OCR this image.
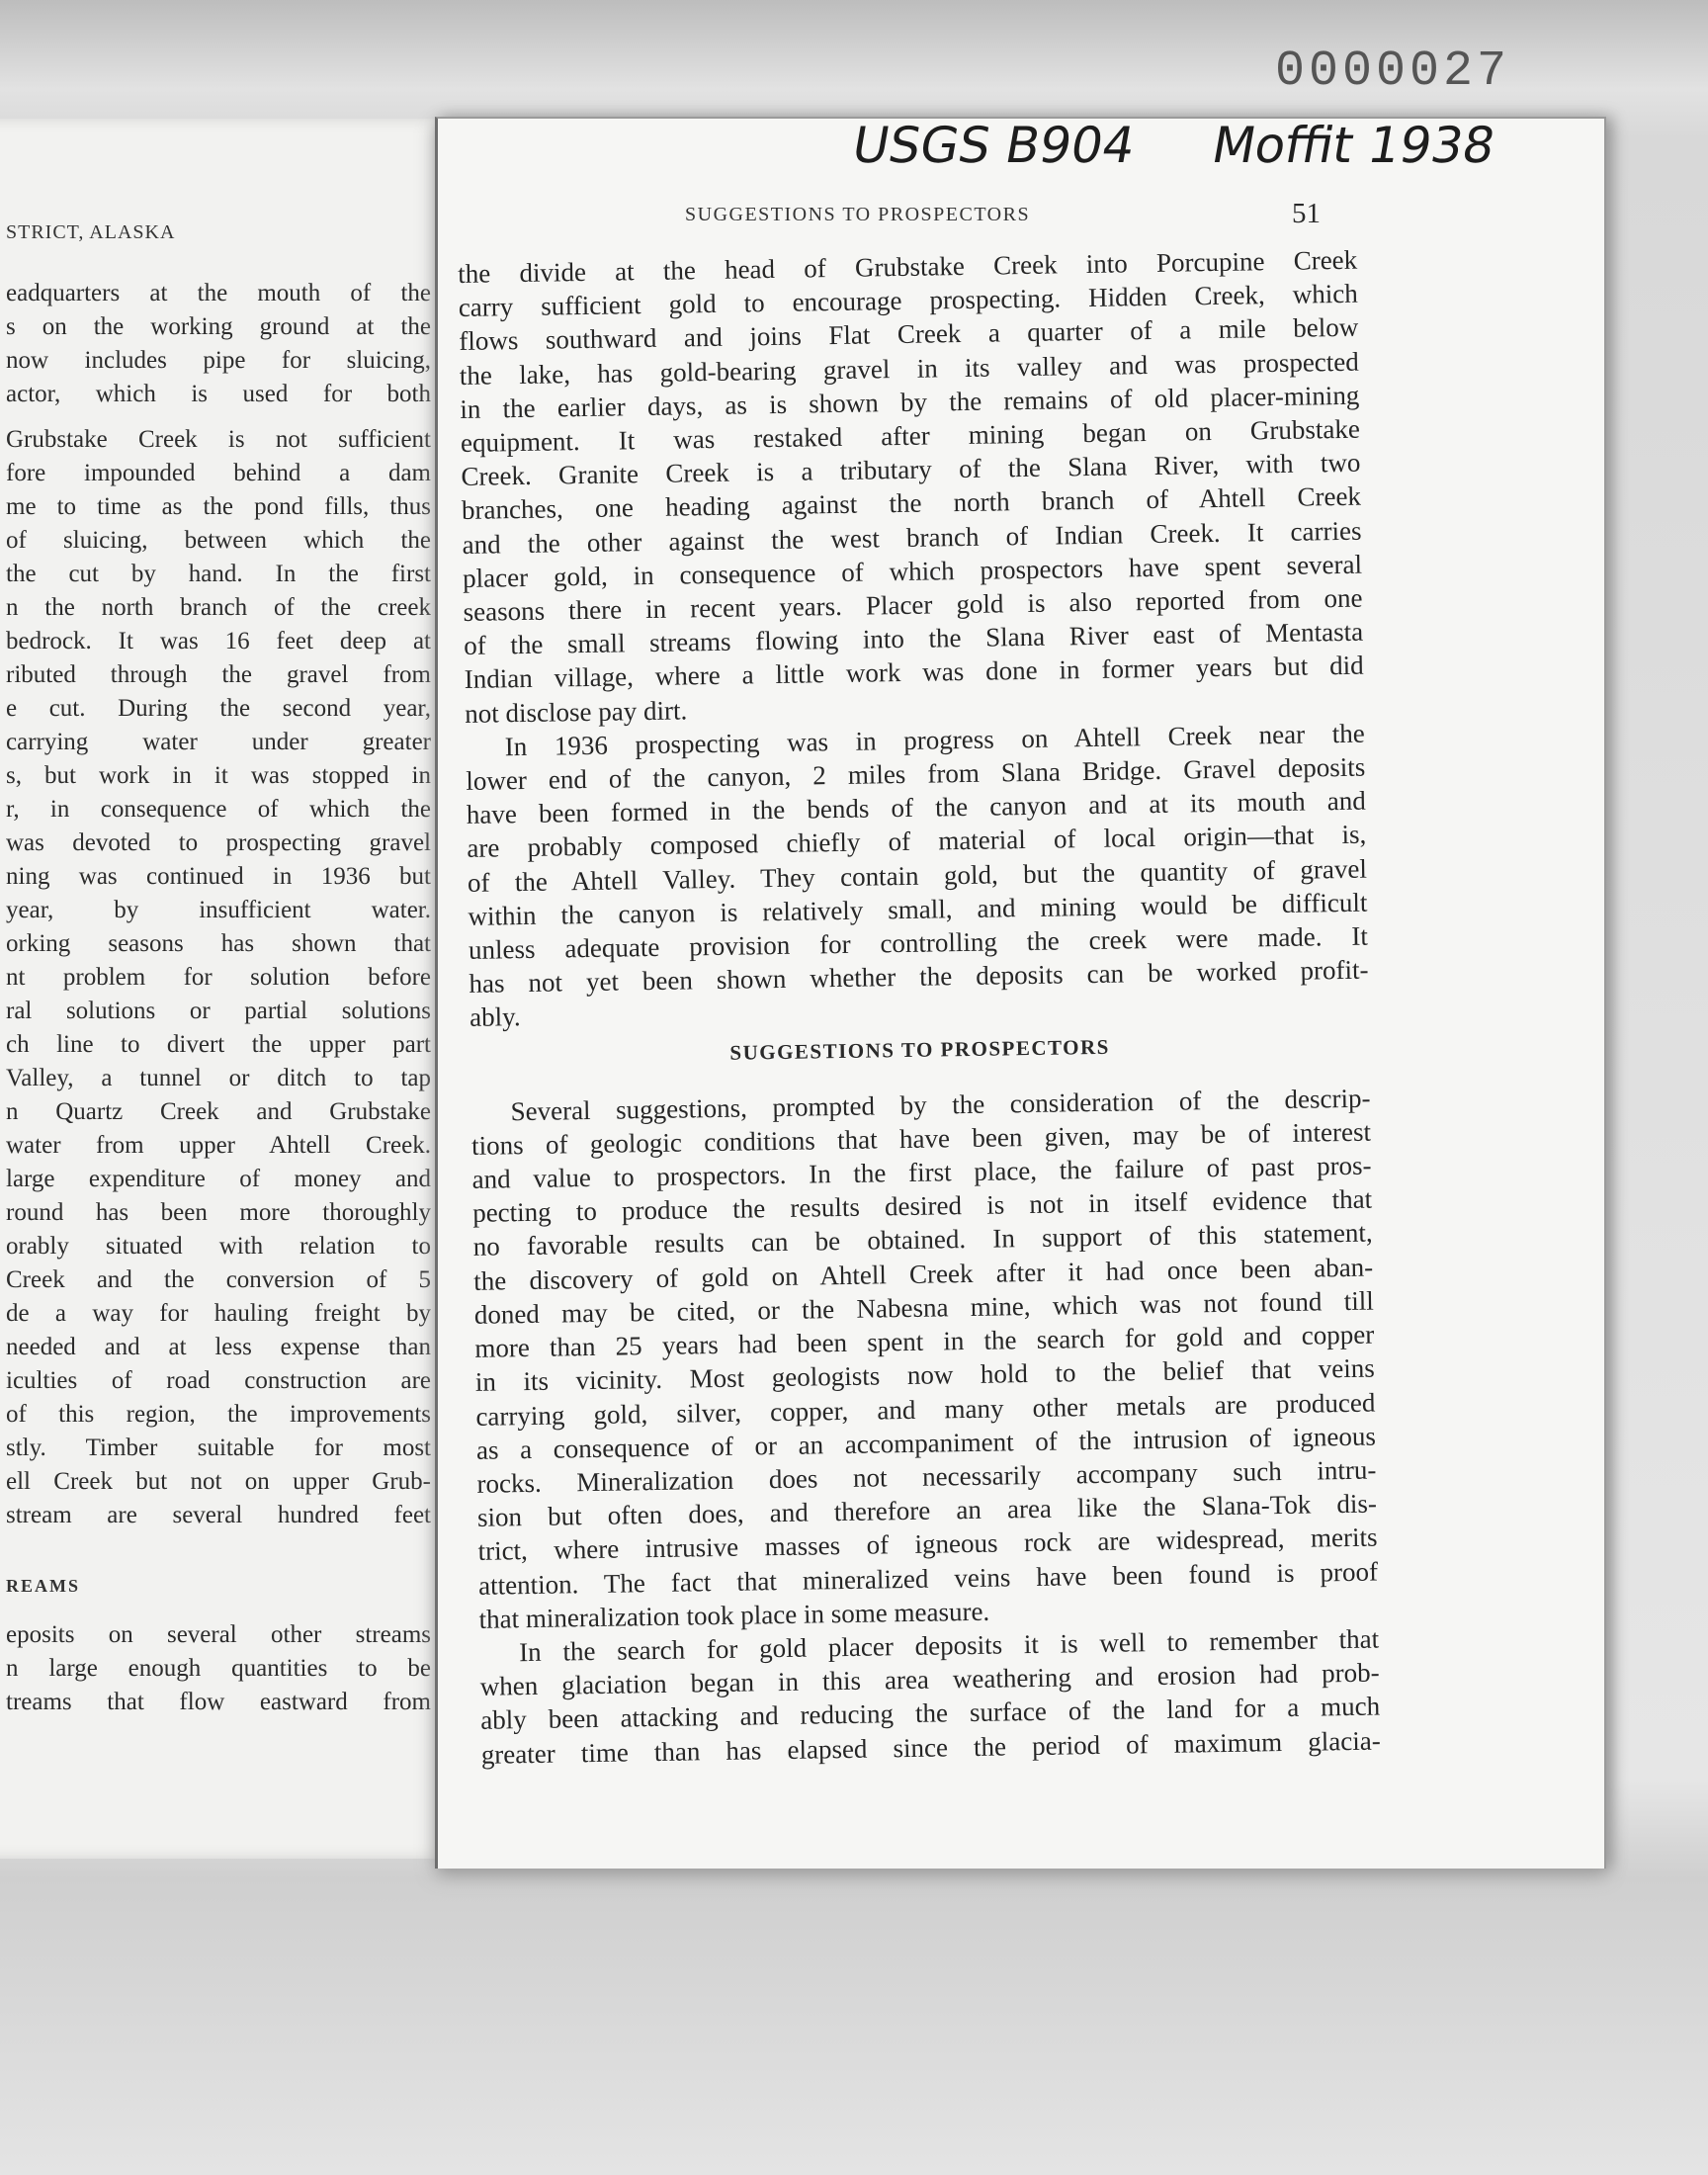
0000027
STRICT, ALASKA
eadquarters at the mouth of the
s on the working ground at the
now includes pipe for sluicing,
actor, which is used for both
Grubstake Creek is not sufficient
fore impounded behind a dam
me to time as the pond fills, thus
of sluicing, between which the
the cut by hand. In the first
n the north branch of the creek
bedrock. It was 16 feet deep at
ributed through the gravel from
e cut. During the second year,
carrying water under greater
s, but work in it was stopped in
r, in consequence of which the
was devoted to prospecting gravel
ning was continued in 1936 but
year, by insufficient water.
orking seasons has shown that
nt problem for solution before
ral solutions or partial solutions
ch line to divert the upper part
Valley, a tunnel or ditch to tap
n Quartz Creek and Grubstake
water from upper Ahtell Creek.
large expenditure of money and
round has been more thoroughly
orably situated with relation to
Creek and the conversion of 5
de a way for hauling freight by
needed and at less expense than
iculties of road construction are
of this region, the improvements
stly. Timber suitable for most
ell Creek but not on upper Grub-
stream are several hundred feet
REAMS
eposits on several other streams
n large enough quantities to be
treams that flow eastward from
USGS B904 Moffit 1938
SUGGESTIONS TO PROSPECTORS	51
the divide at the head of Grubstake Creek into Porcupine Creek
carry sufficient gold to encourage prospecting. Hidden Creek, which
flows southward and joins Flat Creek a quarter of a mile below
the lake, has gold-bearing gravel in its valley and was prospected
in the earlier days, as is shown by the remains of old placer-mining
equipment. It was restaked after mining began on Grubstake
Creek. Granite Creek is a tributary of the Slana River, with two
branches, one heading against the north branch of Ahtell Creek
and the other against the west branch of Indian Creek. It carries
placer gold, in consequence of which prospectors have spent several
seasons there in recent years. Placer gold is also reported from one
of the small streams flowing into the Slana River east of Mentasta
Indian village, where a little work was done in former years but did
not disclose pay dirt.
In 1936 prospecting was in progress on Ahtell Creek near the
lower end of the canyon, 2 miles from Slana Bridge. Gravel deposits
have been formed in the bends of the canyon and at its mouth and
are probably composed chiefly of material of local origin—that is,
of the Ahtell Valley. They contain gold, but the quantity of gravel
within the canyon is relatively small, and mining would be difficult
unless adequate provision for controlling the creek were made. It
has not yet been shown whether the deposits can be worked profit-
ably.
SUGGESTIONS TO PROSPECTORS
Several suggestions, prompted by the consideration of the descrip-
tions of geologic conditions that have been given, may be of interest
and value to prospectors. In the first place, the failure of past pros-
pecting to produce the results desired is not in itself evidence that
no favorable results can be obtained. In support of this statement,
the discovery of gold on Ahtell Creek after it had once been aban-
doned may be cited, or the Nabesna mine, which was not found till
more than 25 years had been spent in the search for gold and copper
in its vicinity. Most geologists now hold to the belief that veins
carrying gold, silver, copper, and many other metals are produced
as a consequence of or an accompaniment of the intrusion of igneous
rocks. Mineralization does not necessarily accompany such intru-
sion but often does, and therefore an area like the Slana-Tok dis-
trict, where intrusive masses of igneous rock are widespread, merits
attention. The fact that mineralized veins have been found is proof
that mineralization took place in some measure.
In the search for gold placer deposits it is well to remember that
when glaciation began in this area weathering and erosion had prob-
ably been attacking and reducing the surface of the land for a much
greater time than has elapsed since the period of maximum glacia-
